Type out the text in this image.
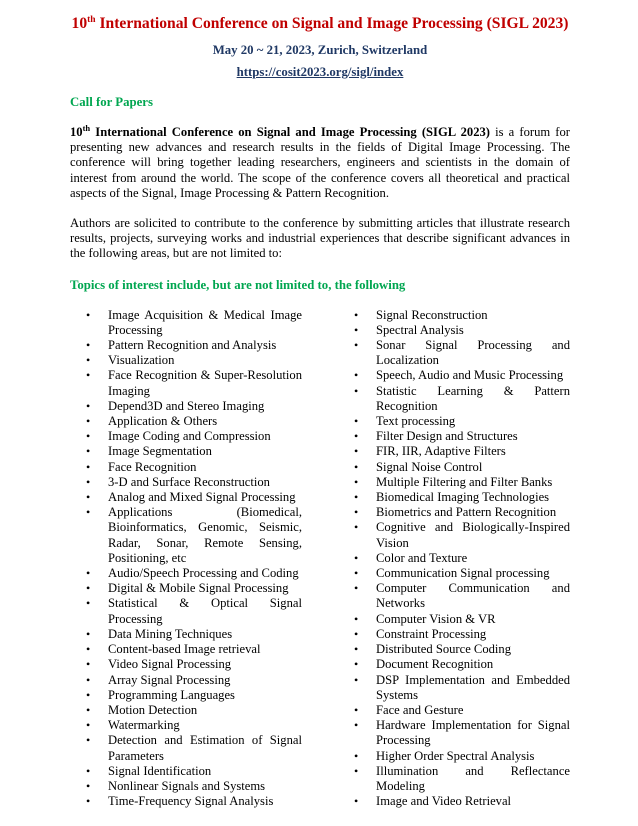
10th International Conference on Signal and Image Processing (SIGL 2023)
May 20 ~ 21, 2023, Zurich, Switzerland
https://cosit2023.org/sigl/index
Call for Papers

10th International Conference on Signal and Image Processing (SIGL 2023) is a forum for presenting new advances and research results in the fields of Digital Image Processing. The conference will bring together leading researchers, engineers and scientists in the domain of interest from around the world. The scope of the conference covers all theoretical and practical aspects of the Signal, Image Processing & Pattern Recognition.

Authors are solicited to contribute to the conference by submitting articles that illustrate research results, projects, surveying works and industrial experiences that describe significant advances in the following areas, but are not limited to:

Topics of interest include, but are not limited to, the following
• Image Acquisition & Medical Image Processing
• Pattern Recognition and Analysis
• Visualization
• Face Recognition & Super-Resolution Imaging
• Depend3D and Stereo Imaging
• Application & Others
• Image Coding and Compression
• Image Segmentation
• Face Recognition
• 3-D and Surface Reconstruction
• Analog and Mixed Signal Processing
• Applications (Biomedical, Bioinformatics, Genomic, Seismic, Radar, Sonar, Remote Sensing, Positioning, etc
• Audio/Speech Processing and Coding
• Digital & Mobile Signal Processing
• Statistical & Optical Signal Processing
• Data Mining Techniques
• Content-based Image retrieval
• Video Signal Processing
• Array Signal Processing
• Programming Languages
• Motion Detection
• Watermarking
• Detection and Estimation of Signal Parameters
• Signal Identification
• Nonlinear Signals and Systems
• Time-Frequency Signal Analysis
• Signal Reconstruction
• Spectral Analysis
• Sonar Signal Processing and Localization
• Speech, Audio and Music Processing
• Statistic Learning & Pattern Recognition
• Text processing
• Filter Design and Structures
• FIR, IIR, Adaptive Filters
• Signal Noise Control
• Multiple Filtering and Filter Banks
• Biomedical Imaging Technologies
• Biometrics and Pattern Recognition
• Cognitive and Biologically-Inspired Vision
• Color and Texture
• Communication Signal processing
• Computer Communication and Networks
• Computer Vision & VR
• Constraint Processing
• Distributed Source Coding
• Document Recognition
• DSP Implementation and Embedded Systems
• Face and Gesture
• Hardware Implementation for Signal Processing
• Higher Order Spectral Analysis
• Illumination and Reflectance Modeling
• Image and Video Retrieval
